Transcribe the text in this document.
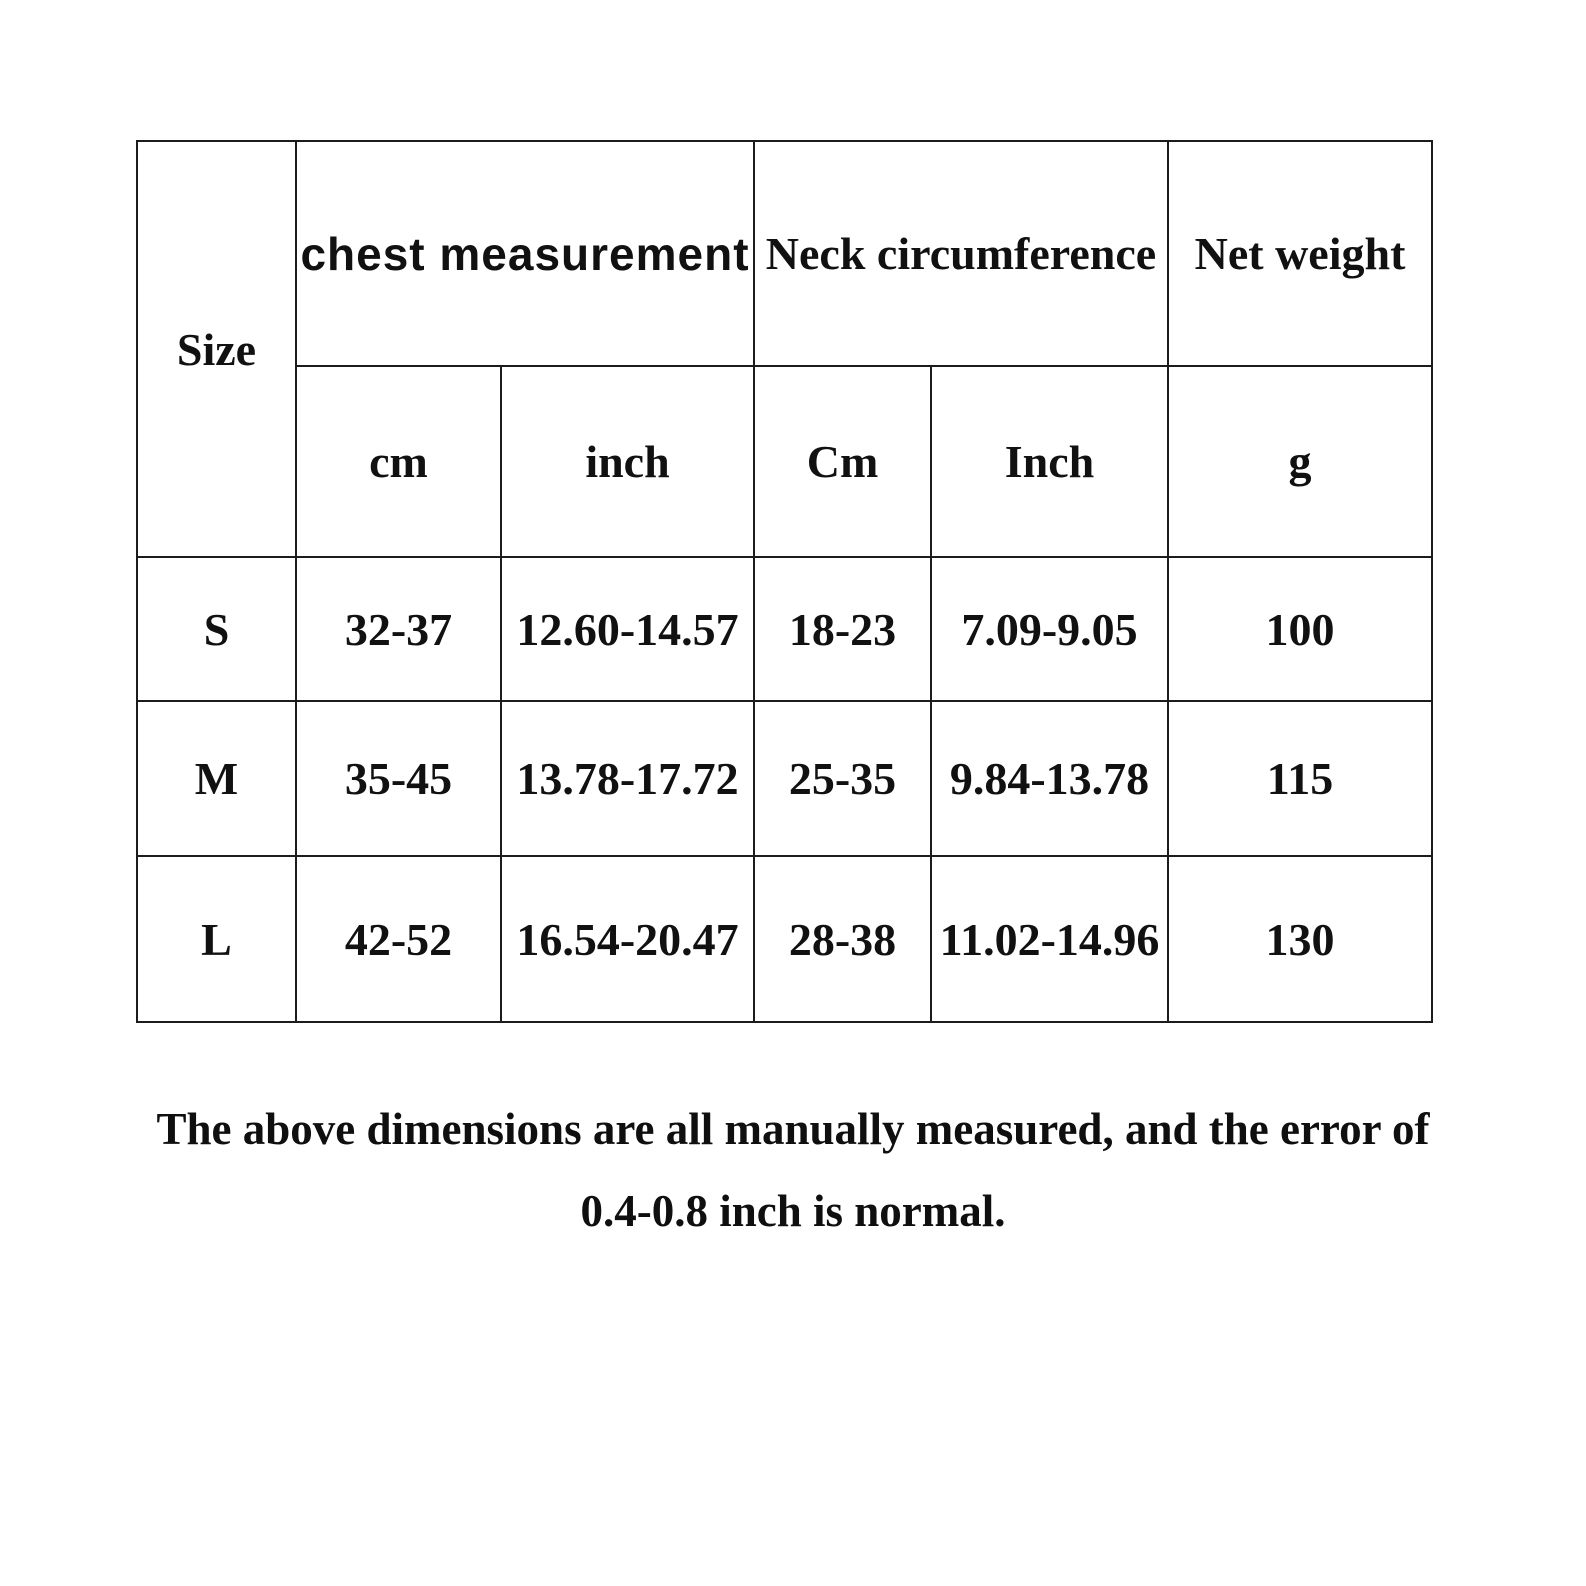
Size	chest measurement		Neck circumference		Net weight
	cm	inch	Cm	Inch	g
S	32-37	12.60-14.57	18-23	7.09-9.05	100
M	35-45	13.78-17.72	25-35	9.84-13.78	115
L	42-52	16.54-20.47	28-38	11.02-14.96	130
The above dimensions are all manually measured, and the error of
0.4-0.8 inch is normal.
